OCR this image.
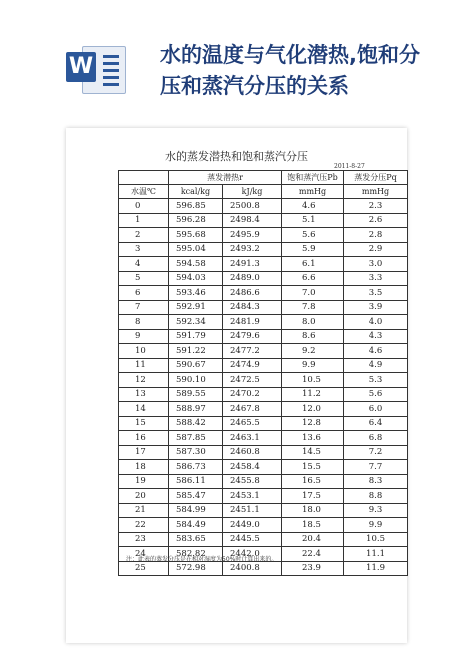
W	水的温度与气化潜热,饱和分压和蒸汽分压的关系
水的蒸发潜热和饱和蒸汽分压
2011-8-27
	蒸发潜热r		饱和蒸汽压Pb	蒸发分压Pq
水温℃	kcal/kg	kJ/kg	mmHg	mmHg
0	596.85	2500.8	4.6	2.3
1	596.28	2498.4	5.1	2.6
2	595.68	2495.9	5.6	2.8
3	595.04	2493.2	5.9	2.9
4	594.58	2491.3	6.1	3.0
5	594.03	2489.0	6.6	3.3
6	593.46	2486.6	7.0	3.5
7	592.91	2484.3	7.8	3.9
8	592.34	2481.9	8.0	4.0
9	591.79	2479.6	8.6	4.3
10	591.22	2477.2	9.2	4.6
11	590.67	2474.9	9.9	4.9
12	590.10	2472.5	10.5	5.3
13	589.55	2470.2	11.2	5.6
14	588.97	2467.8	12.0	6.0
15	588.42	2465.5	12.8	6.4
16	587.85	2463.1	13.6	6.8
17	587.30	2460.8	14.5	7.2
18	586.73	2458.4	15.5	7.7
19	586.11	2455.8	16.5	8.3
20	585.47	2453.1	17.5	8.8
21	584.99	2451.1	18.0	9.3
22	584.49	2449.0	18.5	9.9
23	583.65	2445.5	20.4	10.5
24	582.82	2442.0	22.4	11.1
25	572.98	2400.8	23.9	11.9
注：此表的蒸发分压是在相对湿度为50%时计算出来的。
